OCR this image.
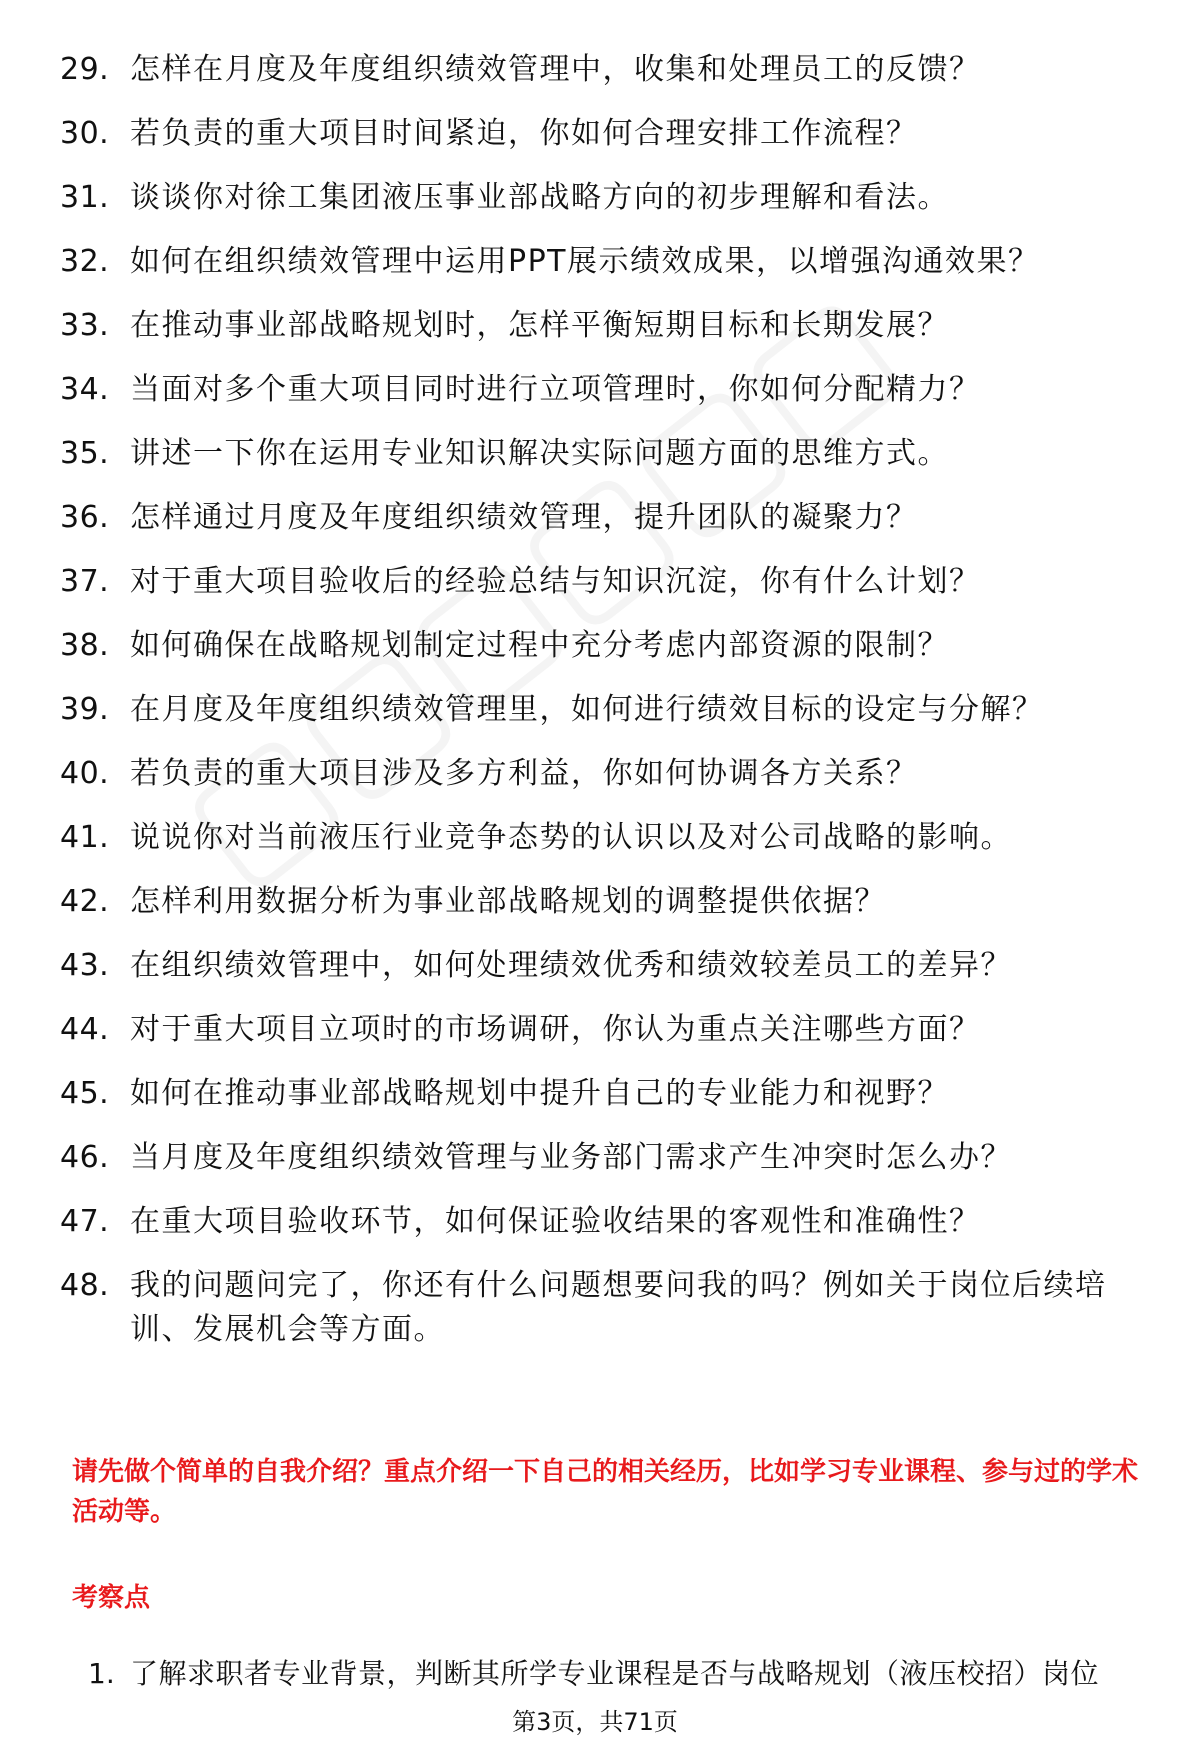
29. 怎样在月度及年度组织绩效管理中，收集和处理员工的反馈？
30. 若负责的重大项目时间紧迫，你如何合理安排工作流程？
31. 谈谈你对徐工集团液压事业部战略方向的初步理解和看法。
32. 如何在组织绩效管理中运用PPT展示绩效成果，以增强沟通效果？
33. 在推动事业部战略规划时，怎样平衡短期目标和长期发展？
34. 当面对多个重大项目同时进行立项管理时，你如何分配精力？
35. 讲述一下你在运用专业知识解决实际问题方面的思维方式。
36. 怎样通过月度及年度组织绩效管理，提升团队的凝聚力？
37. 对于重大项目验收后的经验总结与知识沉淀，你有什么计划？
38. 如何确保在战略规划制定过程中充分考虑内部资源的限制？
39. 在月度及年度组织绩效管理里，如何进行绩效目标的设定与分解？
40. 若负责的重大项目涉及多方利益，你如何协调各方关系？
41. 说说你对当前液压行业竞争态势的认识以及对公司战略的影响。
42. 怎样利用数据分析为事业部战略规划的调整提供依据？
43. 在组织绩效管理中，如何处理绩效优秀和绩效较差员工的差异？
44. 对于重大项目立项时的市场调研，你认为重点关注哪些方面？
45. 如何在推动事业部战略规划中提升自己的专业能力和视野？
46. 当月度及年度组织绩效管理与业务部门需求产生冲突时怎么办？
47. 在重大项目验收环节，如何保证验收结果的客观性和准确性？
48. 我的问题问完了，你还有什么问题想要问我的吗？例如关于岗位后续培训、发展机会等方面。

请先做个简单的自我介绍？重点介绍一下自己的相关经历，比如学习专业课程、参与过的学术活动等。

考察点
1. 了解求职者专业背景，判断其所学专业课程是否与战略规划（液压校招）岗位
第3页，共71页
